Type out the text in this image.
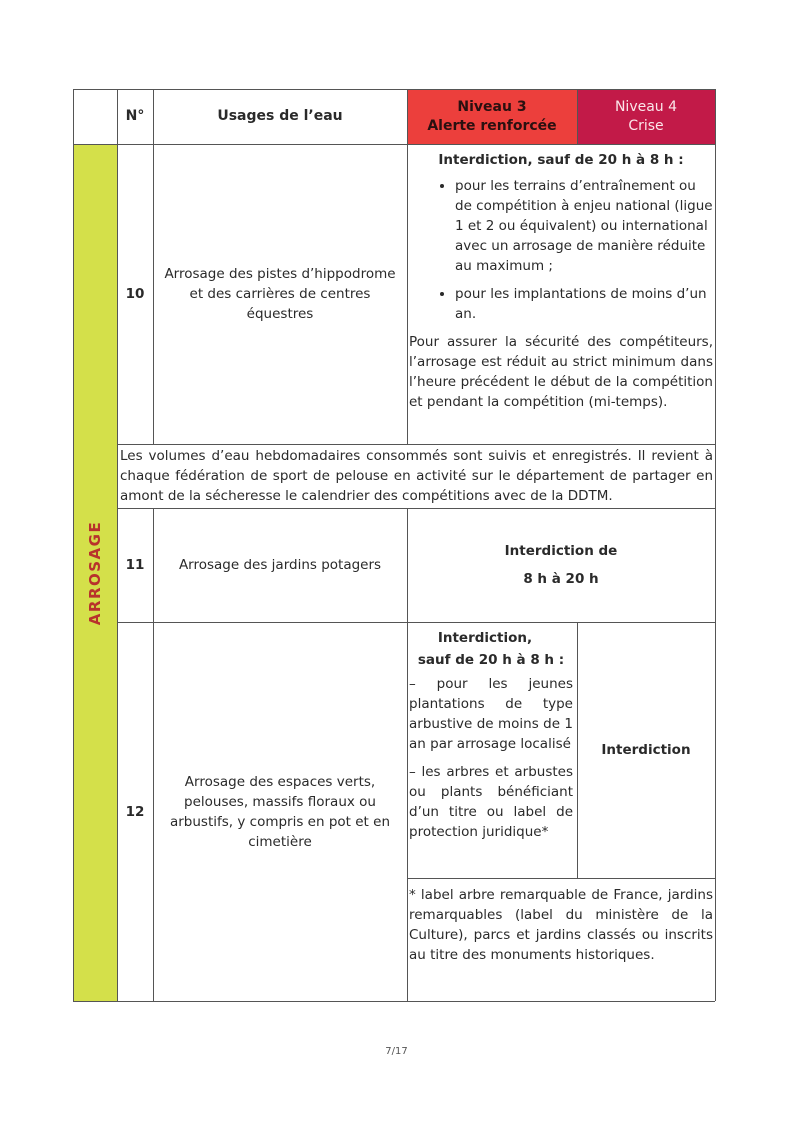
Niveau 3
Alerte renforcée
Niveau 4
Crise
ARROSAGE
N°	Usages de l’eau
10
Arrosage des pistes d’hippodrome et des carrières de centres équestres
Interdiction, sauf de 20 h à 8 h :
• pour les terrains d’entraînement ou de compétition à enjeu national (ligue 1 et 2 ou équivalent) ou international avec un arrosage de manière réduite au maximum ;
• pour les implantations de moins d’un an.
Pour assurer la sécurité des compétiteurs, l’arrosage est réduit au strict minimum dans l’heure précédent le début de la compétition et pendant la compétition (mi-temps).
Les volumes d’eau hebdomadaires consommés sont suivis et enregistrés. Il revient à chaque fédération de sport de pelouse en activité sur le département de partager en amont de la sécheresse le calendrier des compétitions avec de la DDTM.
11	Arrosage des jardins potagers
Interdiction de
8 h à 20 h
12
Arrosage des espaces verts, pelouses, massifs floraux ou arbustifs, y compris en pot et en cimetière
Interdiction,
sauf de 20 h à 8 h :

– pour les jeunes plantations de type arbustive de moins de 1 an par arrosage localisé

– les arbres et arbustes ou plants bénéficiant d’un titre ou label de protection juridique*

Interdiction
* label arbre remarquable de France, jardins remarquables (label du ministère de la Culture), parcs et jardins classés ou inscrits au titre des monuments historiques.
7/17
